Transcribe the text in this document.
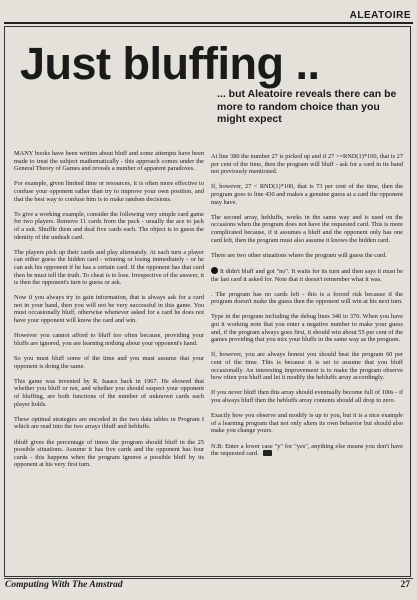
ALEATOIRE
Just bluffing ..
... but Aleatoire reveals there can be more to random choice than you might expect

MANY books have been written about bluff and some attempts have been made to treat the subject mathematically - this approach comes under the General Theory of Games and reveals a number of apparent paradoxes.

For example, given limited time or resources, it is often more effective to confuse your opponent rather than try to improve your own position, and that the best way to confuse him is to make random decisions.

To give a working example, consider the following very simple card game for two players. Remove 11 cards from the pack - usually the ace to jack of a suit. Shuffle them and deal five cards each. The object is to guess the identity of the undealt card.

The players pick up their cards and play alternately. At each turn a player can either guess the hidden card - winning or losing immediately - or he can ask his opponent if he has a certain card. If the opponent has that card then he must tell the truth. To cheat is to lose. Irrespective of the answer, it is then the opponent's turn to guess or ask.

Now if you always try to gain information, that is always ask for a card not in your hand, then you will not be very successful in this game. You must occasionally bluff, otherwise whenever asked for a card he does not have your opponent will know the card and win.

However you cannot afford to bluff too often because, providing your bluffs are ignored, you are learning nothing about your opponent's hand.

So you must bluff some of the time and you must assume that your opponent is doing the same.

This game was invented by R. Isaacs back in 1967. He showed that whether you bluff or not, and whether you should suspect your opponent of bluffing, are both functions of the number of unknown cards each player holds.

These optimal strategies are encoded in the two data tables in Program I which are read into the two arrays ibluff and hebluffs.

ibluff gives the percentage of times the program should bluff in the 25 possible situations. Assume it has five cards and the opponent has four cards - this happens when the program ignores a possible bluff by its opponent at his very first turn.

At line 380 the number 27 is picked up and if 27 >=RND(1)*100, that is 27 per cent of the time, then the program will bluff - ask for a card in its hand not previously mentioned.

If, however, 27 < RND(1)*100, that is 73 per cent of the time, then the program goes to line 430 and makes a genuine guess at a card the opponent may have.

The second array, hebluffs, works in the same way and is used on the occasions when the program does not have the requested card. This is more complicated because, if it assumes a bluff and the opponent only has one card left, then the program must also assume it knows the hidden card.

There are two other situations where the program will guess the card.

It didn't bluff and got "no". It waits for its turn and then says it must be the last card it asked for. Note that it doesn't remember what it was.

. The program has no cards left - this is a forced risk because if the program doesn't make the guess then the opponent will win at his next turn.

Type in the program including the debug lines 340 to 370. When you have got it working note that you enter a negative number to make your guess and, if the program always goes first, it should win about 55 per cent of the games providing that you mix your bluffs in the same way as the program.

If, however, you are always honest you should beat the program 60 per cent of the time. This is because it is set to assume that you bluff occasionally. An interesting improvement is to make the program observe how often you bluff and let it modify the hebluffs array accordingly.

If you never bluff then this array should eventually become full of 100s - if you always bluff then the hebluffs array contents should all drop to zero.

Exactly how you observe and modify is up to you, but it is a nice example of a learning program that not only alters its own behavior but should also make you change yours.

N.B: Enter a lower case "y" for "yes", anything else means you don't have the requested card.

Computing With The Amstrad	27
